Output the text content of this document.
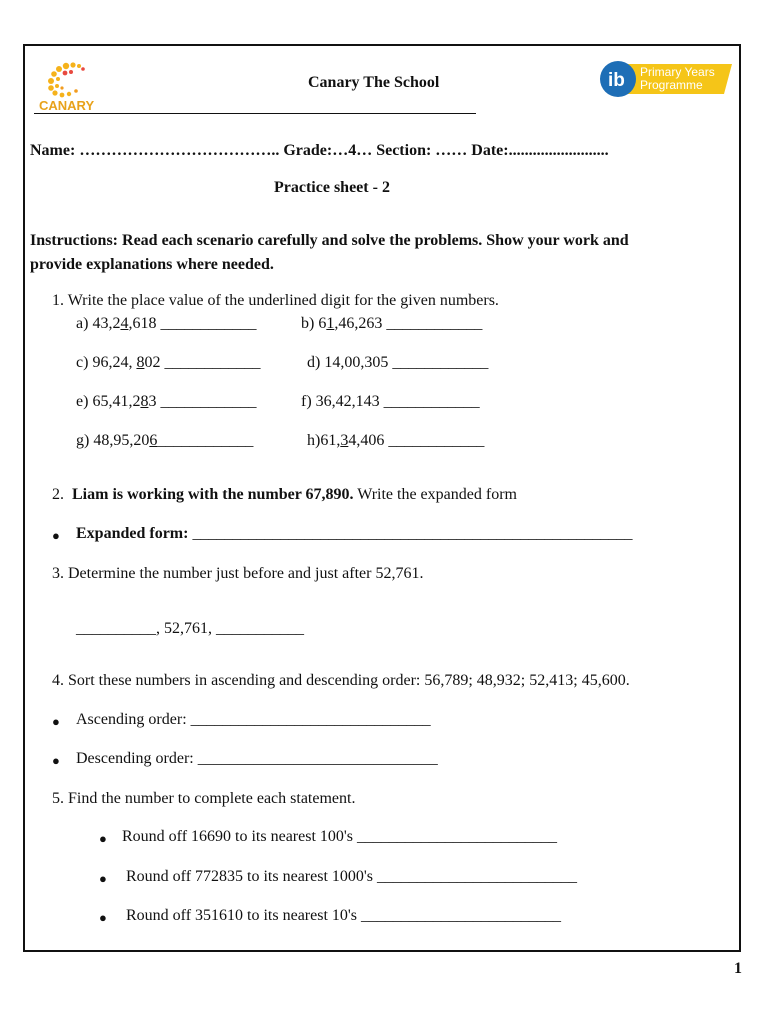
CANARY
ib Primary Years
Programme
Canary The School
Name: ……………………………….. Grade:…4… Section: …… Date:.........................
Practice sheet - 2
Instructions: Read each scenario carefully and solve the problems. Show your work and
provide explanations where needed.
1. Write the place value of the underlined digit for the given numbers.
a) 43,24,618 ____________	b) 61,46,263 ____________
c) 96,24, 802 ____________	d) 14,00,305 ____________
e) 65,41,283 ____________	f) 36,42,143 ____________
g) 48,95,206____________	h)61,34,406 ____________
2. Liam is working with the number 67,890. Write the expanded form
● Expanded form: _______________________________________________________
3. Determine the number just before and just after 52,761.
__________, 52,761, ___________
4. Sort these numbers in ascending and descending order: 56,789; 48,932; 52,413; 45,600.
● Ascending order: ______________________________
● Descending order: ______________________________
5. Find the number to complete each statement.
● Round off 16690 to its nearest 100's _________________________
● Round off 772835 to its nearest 1000's _________________________
● Round off 351610 to its nearest 10's _________________________
1
